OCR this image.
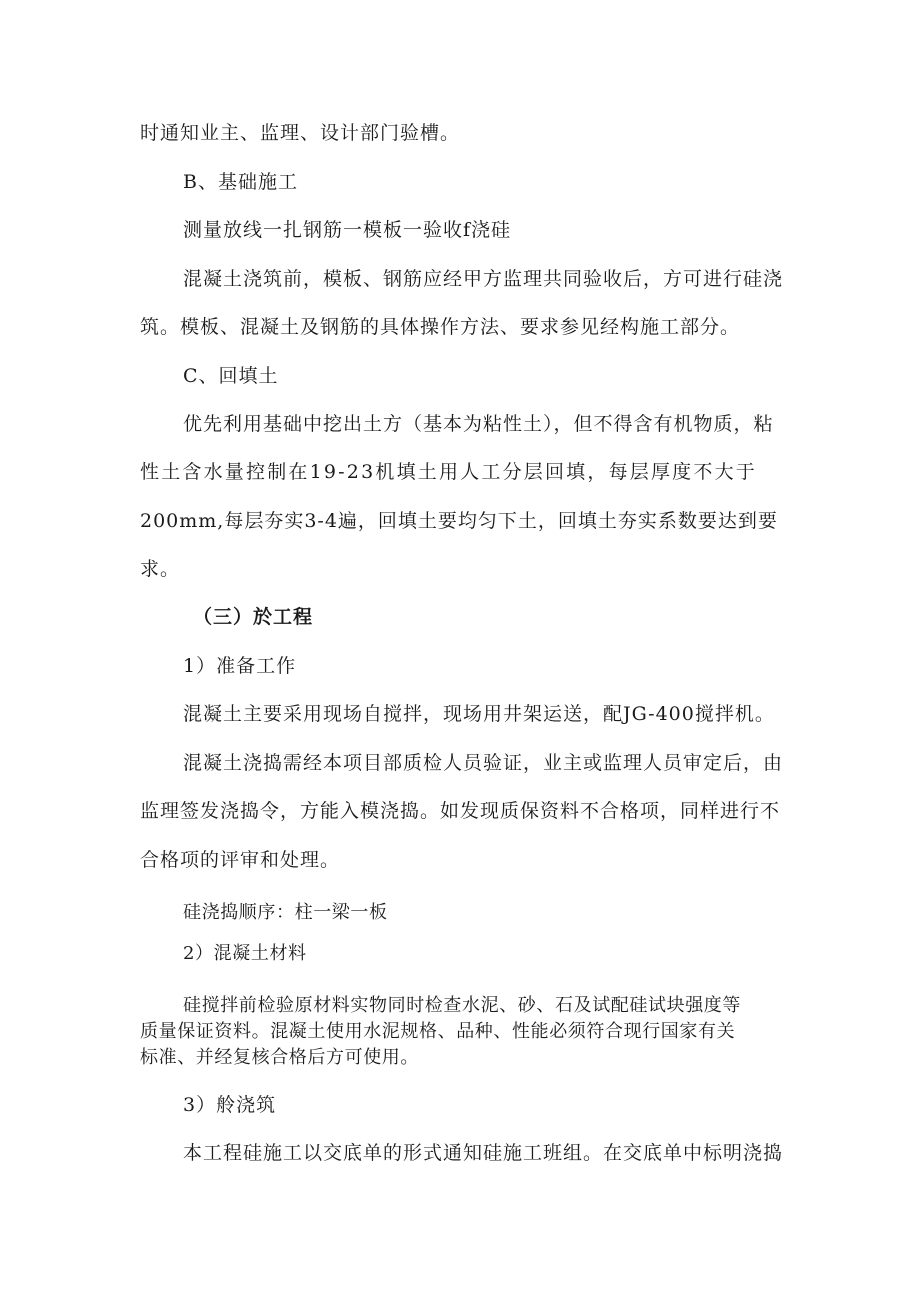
时通知业主、监理、设计部门验槽。
B、基础施工
测量放线一扎钢筋一模板一验收f浇硅
混凝土浇筑前，模板、钢筋应经甲方监理共同验收后，方可进行硅浇
筑。模板、混凝土及钢筋的具体操作方法、要求参见经构施工部分。
C、回填土
优先利用基础中挖出土方（基本为粘性土），但不得含有机物质，粘
性土含水量控制在19-23机填土用人工分层回填，每层厚度不大于
200mm,每层夯实3-4遍，回填土要均匀下土，回填土夯实系数要达到要
求。
（三）於工程
1）准备工作
混凝土主要采用现场自搅拌，现场用井架运送，配JG-400搅拌机。
混凝土浇捣需经本项目部质检人员验证，业主或监理人员审定后，由
监理签发浇捣令，方能入模浇捣。如发现质保资料不合格项，同样进行不
合格项的评审和处理。
硅浇捣顺序：柱一梁一板
2）混凝土材料
硅搅拌前检验原材料实物同时检查水泥、砂、石及试配硅试块强度等
质量保证资料。混凝土使用水泥规格、品种、性能必须符合现行国家有关
标准、并经复核合格后方可使用。
3）舲浇筑
本工程硅施工以交底单的形式通知硅施工班组。在交底单中标明浇捣
